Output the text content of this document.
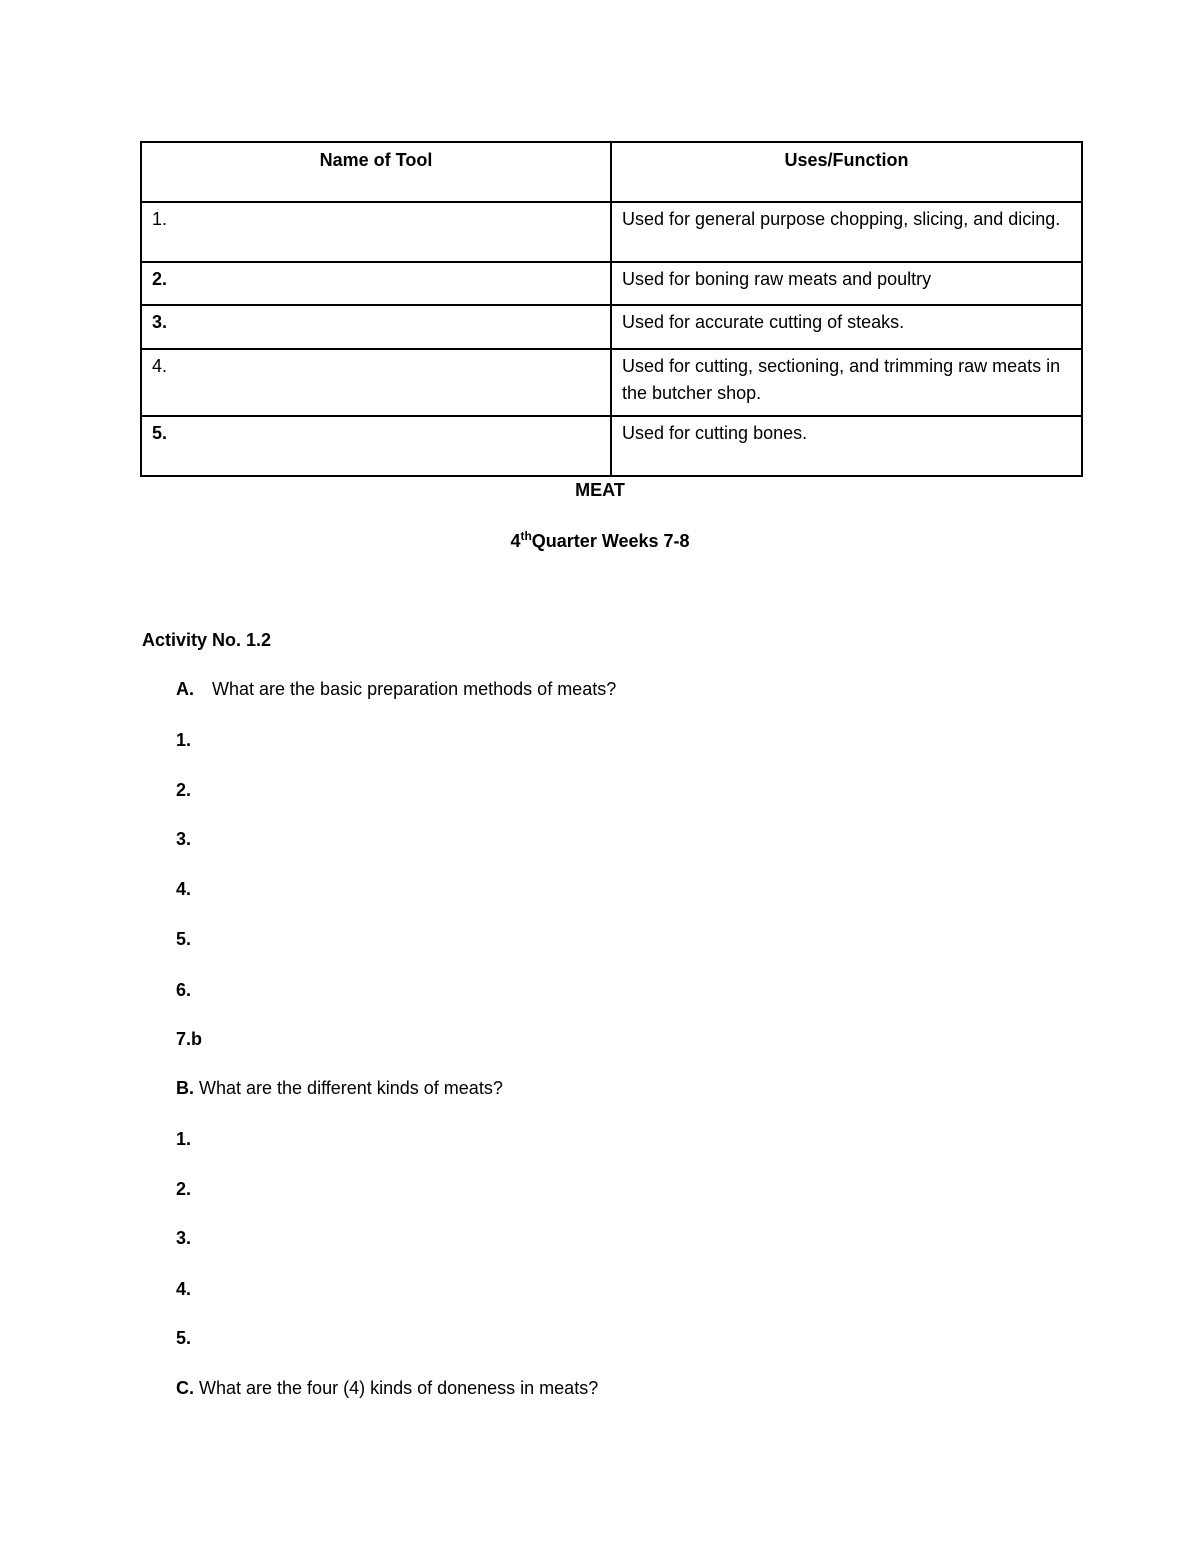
Name of Tool	Uses/Function
1.	Used for general purpose chopping, slicing, and dicing.
2.	Used for boning raw meats and poultry
3.	Used for accurate cutting of steaks.
4.	Used for cutting, sectioning, and trimming raw meats in the butcher shop.
5.	Used for cutting bones.
MEAT
4thQuarter Weeks 7-8
Activity No. 1.2
A. What are the basic preparation methods of meats?
1.
2.
3.
4.
5.
6.
7.b
B. What are the different kinds of meats?
1.
2.
3.
4.
5.
C. What are the four (4) kinds of doneness in meats?
